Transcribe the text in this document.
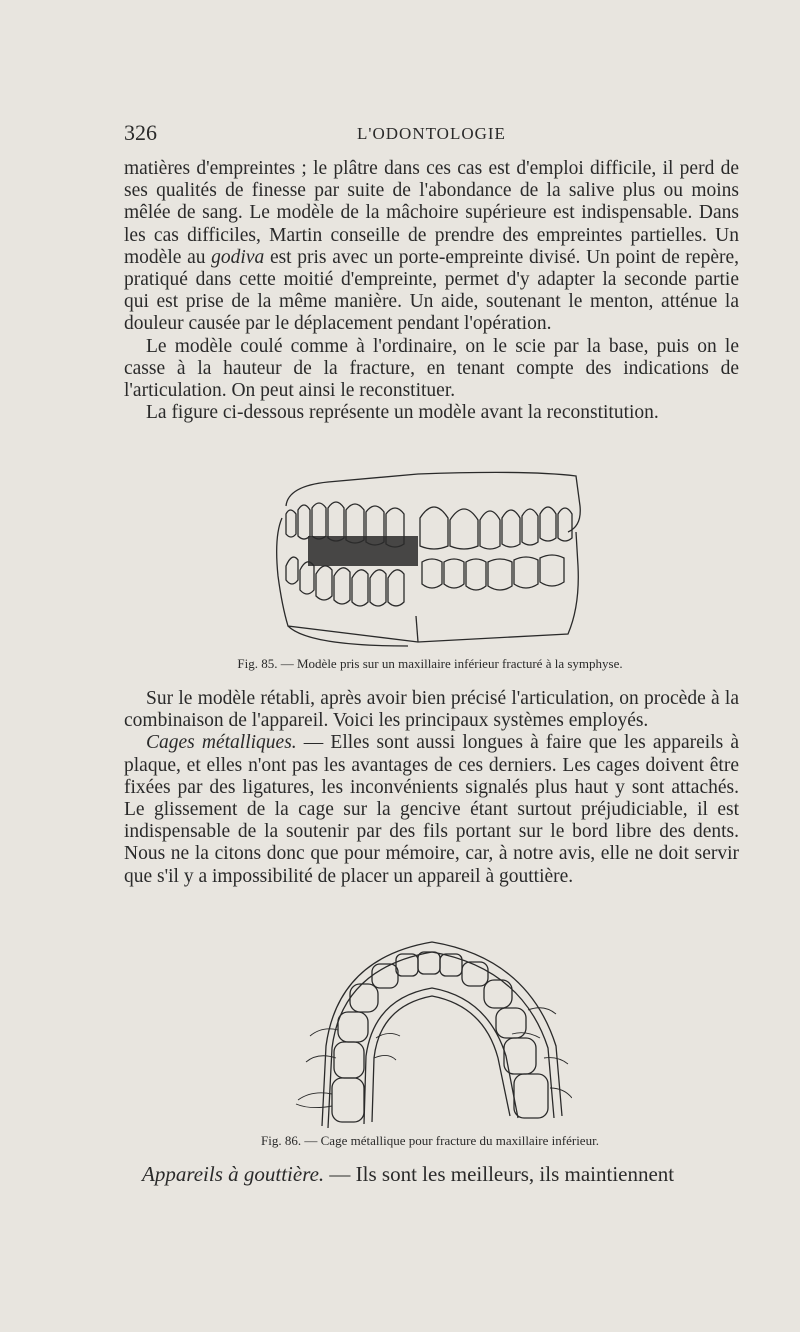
326	L'ODONTOLOGIE

matières d'empreintes ; le plâtre dans ces cas est d'emploi difficile, il perd de ses qualités de finesse par suite de l'abondance de la salive plus ou moins mêlée de sang. Le modèle de la mâchoire supérieure est indispensable. Dans les cas difficiles, Martin conseille de prendre des empreintes partielles. Un modèle au godiva est pris avec un porte-empreinte divisé. Un point de repère, pratiqué dans cette moitié d'empreinte, permet d'y adapter la seconde partie qui est prise de la même manière. Un aide, soutenant le menton, atténue la douleur causée par le déplacement pendant l'opération.

Le modèle coulé comme à l'ordinaire, on le scie par la base, puis on le casse à la hauteur de la fracture, en tenant compte des indications de l'articulation. On peut ainsi le reconstituer.

La figure ci-dessous représente un modèle avant la reconstitution.

Fig. 85. — Modèle pris sur un maxillaire inférieur fracturé à la symphyse.

Sur le modèle rétabli, après avoir bien précisé l'articulation, on procède à la combinaison de l'appareil. Voici les principaux systèmes employés.

Cages métalliques. — Elles sont aussi longues à faire que les appareils à plaque, et elles n'ont pas les avantages de ces derniers. Les cages doivent être fixées par des ligatures, les inconvénients signalés plus haut y sont attachés. Le glissement de la cage sur la gencive étant surtout préjudiciable, il est indispensable de la soutenir par des fils portant sur le bord libre des dents. Nous ne la citons donc que pour mémoire, car, à notre avis, elle ne doit servir que s'il y a impossibilité de placer un appareil à gouttière.

Fig. 86. — Cage métallique pour fracture du maxillaire inférieur.

Appareils à gouttière. — Ils sont les meilleurs, ils maintiennent
